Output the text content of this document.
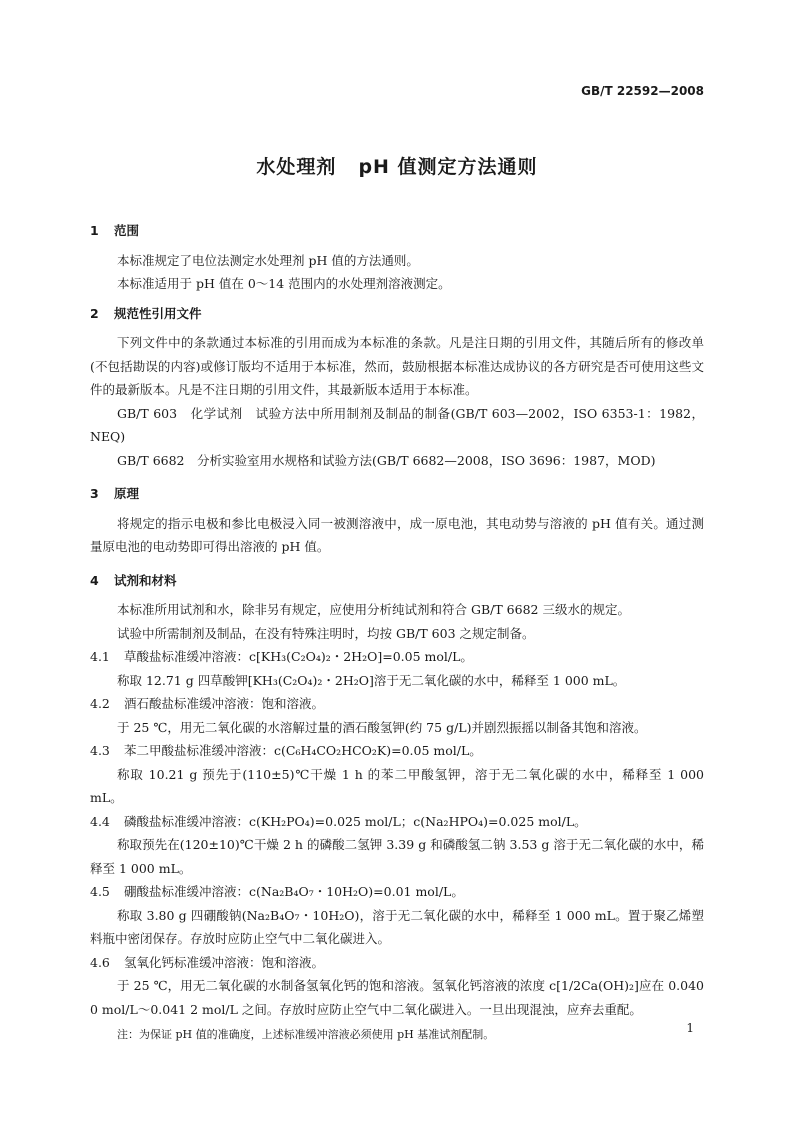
GB/T 22592—2008
水处理剂 pH 值测定方法通则
1 范围

本标准规定了电位法测定水处理剂 pH 值的方法通则。

本标准适用于 pH 值在 0～14 范围内的水处理剂溶液测定。

2 规范性引用文件

下列文件中的条款通过本标准的引用而成为本标准的条款。凡是注日期的引用文件，其随后所有的修改单(不包括勘误的内容)或修订版均不适用于本标准，然而，鼓励根据本标准达成协议的各方研究是否可使用这些文件的最新版本。凡是不注日期的引用文件，其最新版本适用于本标准。

GB/T 603　化学试剂　试验方法中所用制剂及制品的制备(GB/T 603—2002，ISO 6353-1：1982，NEQ)

GB/T 6682　分析实验室用水规格和试验方法(GB/T 6682—2008，ISO 3696：1987，MOD)

3 原理

将规定的指示电极和参比电极浸入同一被测溶液中，成一原电池，其电动势与溶液的 pH 值有关。通过测量原电池的电动势即可得出溶液的 pH 值。

4 试剂和材料

本标准所用试剂和水，除非另有规定，应使用分析纯试剂和符合 GB/T 6682 三级水的规定。

试验中所需制剂及制品，在没有特殊注明时，均按 GB/T 603 之规定制备。

4.1 草酸盐标准缓冲溶液：c[KH₃(C₂O₄)₂・2H₂O]=0.05 mol/L。

称取 12.71 g 四草酸钾[KH₃(C₂O₄)₂・2H₂O]溶于无二氧化碳的水中，稀释至 1 000 mL。

4.2 酒石酸盐标准缓冲溶液：饱和溶液。

于 25 ℃，用无二氧化碳的水溶解过量的酒石酸氢钾(约 75 g/L)并剧烈振摇以制备其饱和溶液。

4.3 苯二甲酸盐标准缓冲溶液：c(C₆H₄CO₂HCO₂K)=0.05 mol/L。

称取 10.21 g 预先于(110±5)℃干燥 1 h 的苯二甲酸氢钾，溶于无二氧化碳的水中，稀释至 1 000 mL。

4.4 磷酸盐标准缓冲溶液：c(KH₂PO₄)=0.025 mol/L；c(Na₂HPO₄)=0.025 mol/L。

称取预先在(120±10)℃干燥 2 h 的磷酸二氢钾 3.39 g 和磷酸氢二钠 3.53 g 溶于无二氧化碳的水中，稀释至 1 000 mL。

4.5 硼酸盐标准缓冲溶液：c(Na₂B₄O₇・10H₂O)=0.01 mol/L。

称取 3.80 g 四硼酸钠(Na₂B₄O₇・10H₂O)，溶于无二氧化碳的水中，稀释至 1 000 mL。置于聚乙烯塑料瓶中密闭保存。存放时应防止空气中二氧化碳进入。

4.6 氢氧化钙标准缓冲溶液：饱和溶液。

于 25 ℃，用无二氧化碳的水制备氢氧化钙的饱和溶液。氢氧化钙溶液的浓度 c[1/2Ca(OH)₂]应在 0.040 0 mol/L～0.041 2 mol/L 之间。存放时应防止空气中二氧化碳进入。一旦出现混浊，应弃去重配。

注：为保证 pH 值的准确度，上述标准缓冲溶液必须使用 pH 基准试剂配制。	1
